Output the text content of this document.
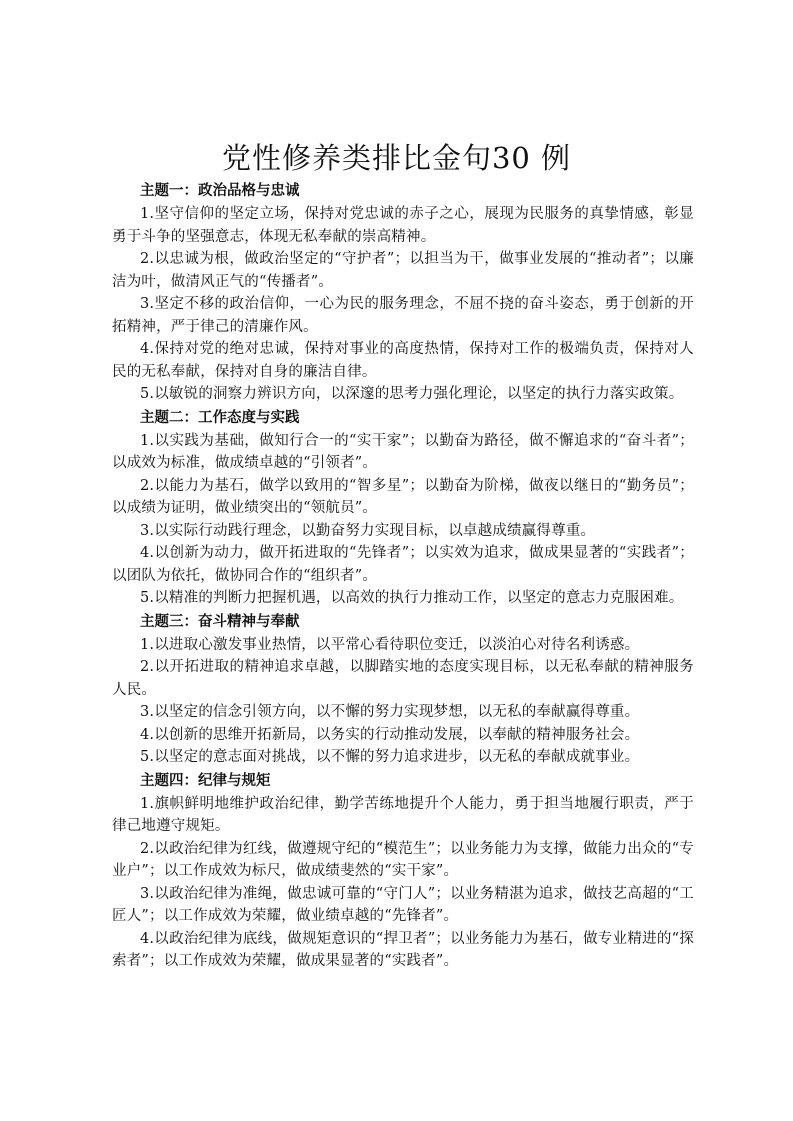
党性修养类排比金句30 例

主题一：政治品格与忠诚

1.坚守信仰的坚定立场，保持对党忠诚的赤子之心，展现为民服务的真挚情感，彰显勇于斗争的坚强意志，体现无私奉献的崇高精神。

2.以忠诚为根，做政治坚定的“守护者”；以担当为干，做事业发展的“推动者”；以廉洁为叶，做清风正气的“传播者”。

3.坚定不移的政治信仰，一心为民的服务理念，不屈不挠的奋斗姿态，勇于创新的开拓精神，严于律己的清廉作风。

4.保持对党的绝对忠诚，保持对事业的高度热情，保持对工作的极端负责，保持对人民的无私奉献，保持对自身的廉洁自律。

5.以敏锐的洞察力辨识方向，以深邃的思考力强化理论，以坚定的执行力落实政策。

主题二：工作态度与实践

1.以实践为基础，做知行合一的“实干家”；以勤奋为路径，做不懈追求的“奋斗者”；以成效为标准，做成绩卓越的“引领者”。

2.以能力为基石，做学以致用的“智多星”；以勤奋为阶梯，做夜以继日的“勤务员”；以成绩为证明，做业绩突出的“领航员”。

3.以实际行动践行理念，以勤奋努力实现目标，以卓越成绩赢得尊重。

4.以创新为动力，做开拓进取的“先锋者”；以实效为追求，做成果显著的“实践者”；以团队为依托，做协同合作的“组织者”。

5.以精准的判断力把握机遇，以高效的执行力推动工作，以坚定的意志力克服困难。

主题三：奋斗精神与奉献

1.以进取心激发事业热情，以平常心看待职位变迁，以淡泊心对待名利诱惑。

2.以开拓进取的精神追求卓越，以脚踏实地的态度实现目标，以无私奉献的精神服务人民。

3.以坚定的信念引领方向，以不懈的努力实现梦想，以无私的奉献赢得尊重。

4.以创新的思维开拓新局，以务实的行动推动发展，以奉献的精神服务社会。

5.以坚定的意志面对挑战，以不懈的努力追求进步，以无私的奉献成就事业。

主题四：纪律与规矩

1.旗帜鲜明地维护政治纪律，勤学苦练地提升个人能力，勇于担当地履行职责，严于律己地遵守规矩。

2.以政治纪律为红线，做遵规守纪的“模范生”；以业务能力为支撑，做能力出众的“专业户”；以工作成效为标尺，做成绩斐然的“实干家”。

3.以政治纪律为准绳，做忠诚可靠的“守门人”；以业务精湛为追求，做技艺高超的“工匠人”；以工作成效为荣耀，做业绩卓越的“先锋者”。

4.以政治纪律为底线，做规矩意识的“捍卫者”；以业务能力为基石，做专业精进的“探索者”；以工作成效为荣耀，做成果显著的“实践者”。
